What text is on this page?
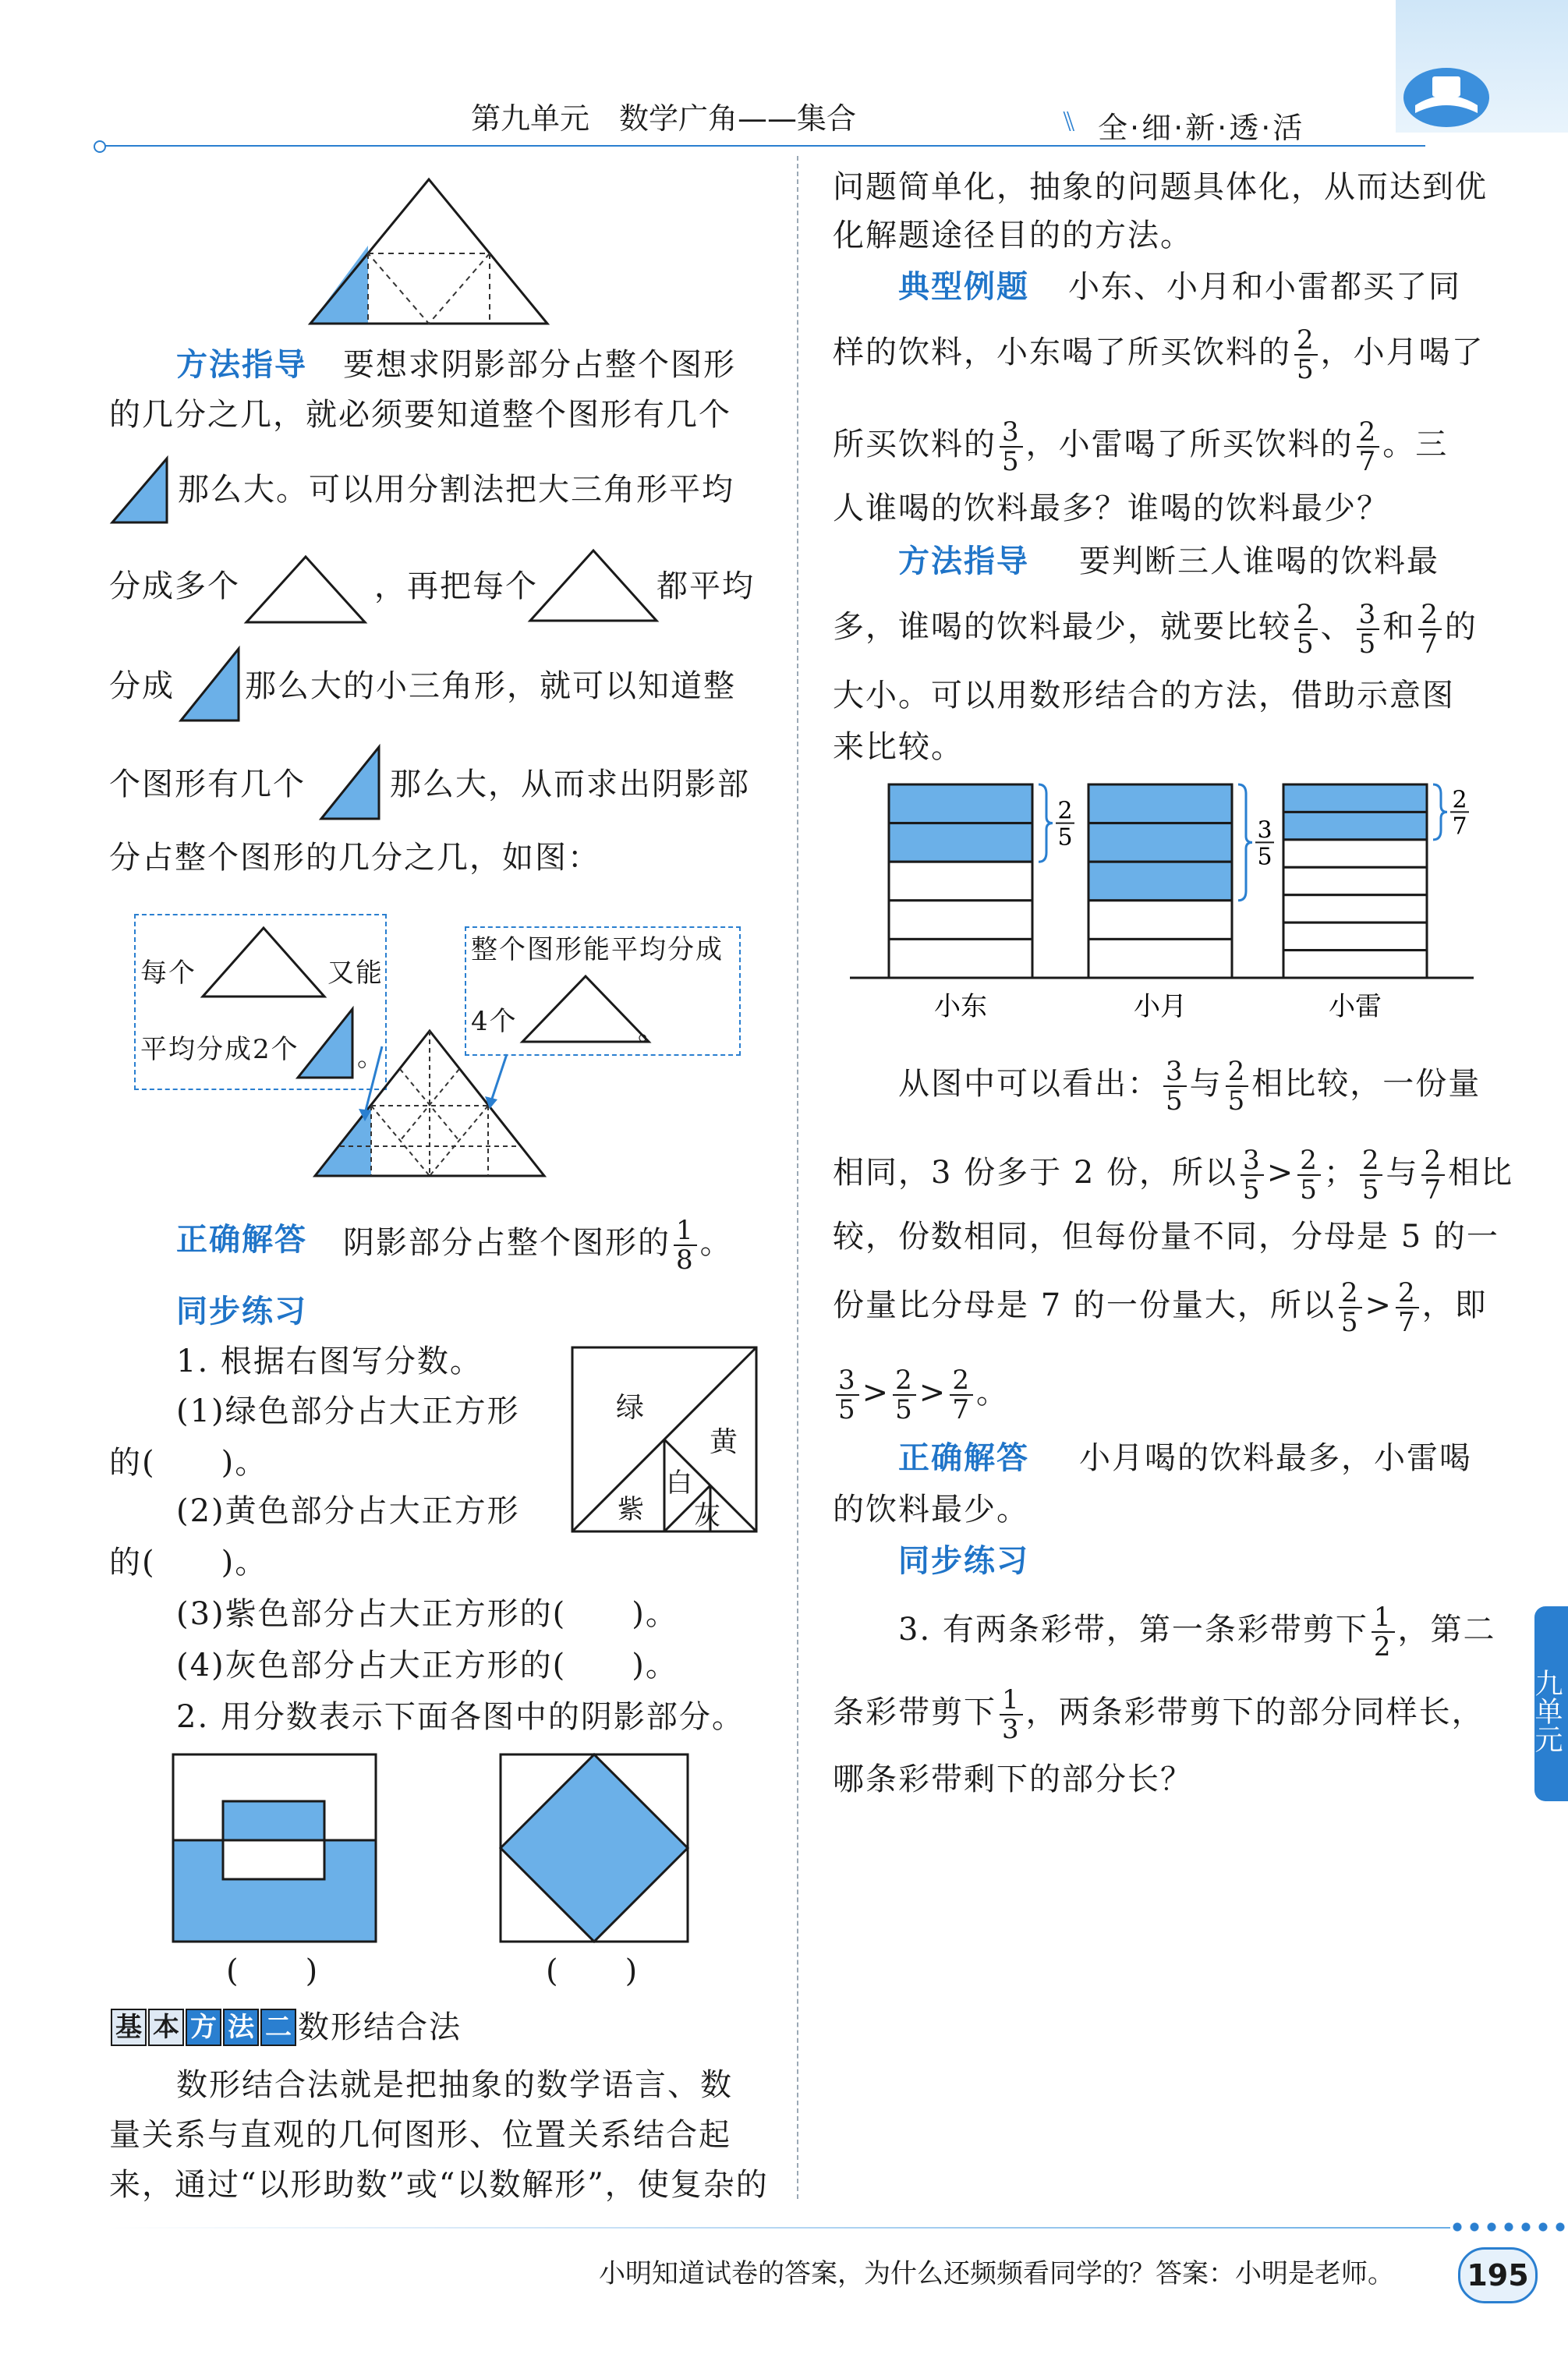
第九单元　数学广角——集合	⑊ 全·细·新·透·活
方法指导 要想求阴影部分占整个图形
的几分之几，就必须要知道整个图形有几个
那么大。可以用分割法把大三角形平均
分成多个	，再把每个	都平均
分成 那么大的小三角形，就可以知道整
个图形有几个	那么大，从而求出阴影部
分占整个图形的几分之几，如图：
每个	又能
平均分成2个 。
整个图形能平均分成
4个	。
正确解答 阴影部分占整个图形的 $\frac{1}{8}$ 。
同步练习
1. 根据右图写分数。
(1)绿色部分占大正方形
的(　　)。
(2)黄色部分占大正方形
的(　　)。
(3)紫色部分占大正方形的(　　)。
(4)灰色部分占大正方形的(　　)。
绿
黄
白
紫 灰
2. 用分数表示下面各图中的阴影部分。
(　　)	(　　)
基 本 方 法 二 数形结合法
数形结合法就是把抽象的数学语言、数
量关系与直观的几何图形、位置关系结合起
来，通过“以形助数”或“以数解形”，使复杂的
问题简单化，抽象的问题具体化，从而达到优
化解题途径目的的方法。
典型例题 小东、小月和小雷都买了同
样的饮料，小东喝了所买饮料的 $\frac{2}{5}$ ，小月喝了
所买饮料的 $\frac{3}{5}$ ，小雷喝了所买饮料的 $\frac{2}{7}$ 。三
人谁喝的饮料最多？谁喝的饮料最少？
方法指导 要判断三人谁喝的饮料最
多，谁喝的饮料最少，就要比较 $\frac{2}{5}$ 、 $\frac{3}{5}$ 和 $\frac{2}{7}$ 的
大小。可以用数形结合的方法，借助示意图
来比较。
2
5
小东
3
5
小月
2
7
小雷
从图中可以看出： $\frac{3}{5}$ 与 $\frac{2}{5}$ 相比较，一份量
相同，3 份多于 2 份，所以 $\frac{3}{5} > \frac{2}{5}$ ； $\frac{2}{5}$ 与 $\frac{2}{7}$ 相比
较，份数相同，但每份量不同，分母是 5 的一
份量比分母是 7 的一份量大，所以 $\frac{2}{5} > \frac{2}{7}$ ，即
$\frac{3}{5} > \frac{2}{5} > \frac{2}{7}$ 。
正确解答 小月喝的饮料最多，小雷喝
的饮料最少。
同步练习
3. 有两条彩带，第一条彩带剪下 $\frac{1}{2}$ ，第二
条彩带剪下 $\frac{1}{3}$ ，两条彩带剪下的部分同样长，
哪条彩带剩下的部分长？
九单元
小明知道试卷的答案，为什么还频频看同学的？答案：小明是老师。 195
